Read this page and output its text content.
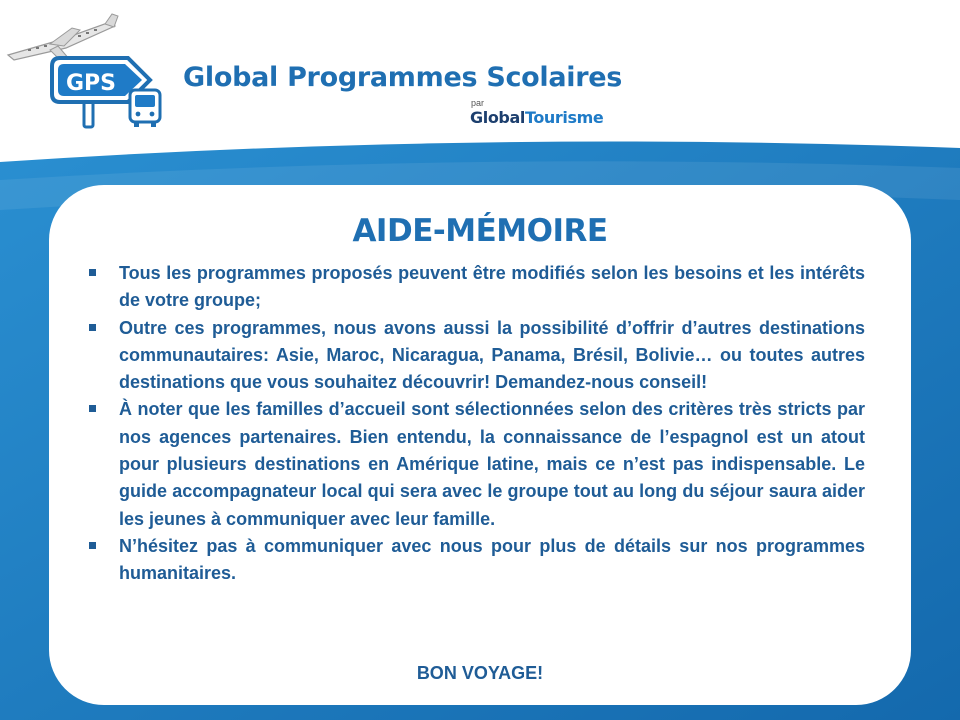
GPS Global Programmes Scolaires
par
GlobalTourisme
AIDE-MÉMOIRE
Tous les programmes proposés peuvent être modifiés selon les besoins et les intérêts de votre groupe;
Outre ces programmes, nous avons aussi la possibilité d’offrir d’autres destinations communautaires: Asie, Maroc, Nicaragua, Panama, Brésil, Bolivie… ou toutes autres destinations que vous souhaitez découvrir! Demandez-nous conseil!
À noter que les familles d’accueil sont sélectionnées selon des critères très stricts par nos agences partenaires. Bien entendu, la connaissance de l’espagnol est un atout pour plusieurs destinations en Amérique latine, mais ce n’est pas indispensable. Le guide accompagnateur local qui sera avec le groupe tout au long du séjour saura aider les jeunes à communiquer avec leur famille.
N’hésitez pas à communiquer avec nous pour plus de détails sur nos programmes humanitaires.
BON VOYAGE!
